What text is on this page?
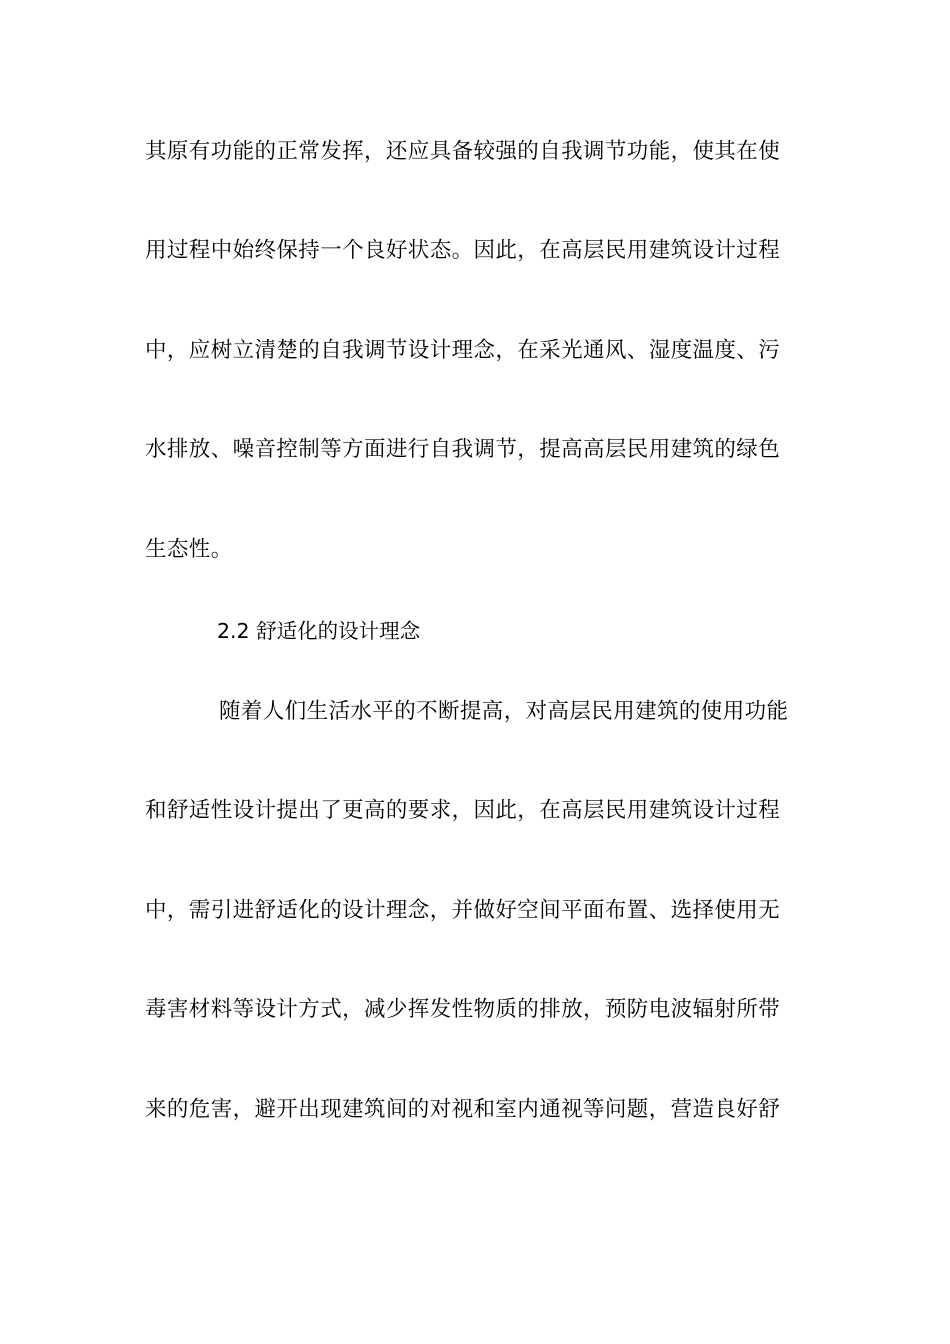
其原有功能的正常发挥，还应具备较强的自我调节功能，使其在使
用过程中始终保持一个良好状态。因此，在高层民用建筑设计过程
中，应树立清楚的自我调节设计理念，在采光通风、湿度温度、污
水排放、噪音控制等方面进行自我调节，提高高层民用建筑的绿色
生态性。
2.2 舒适化的设计理念
随着人们生活水平的不断提高，对高层民用建筑的使用功能
和舒适性设计提出了更高的要求，因此，在高层民用建筑设计过程
中，需引进舒适化的设计理念，并做好空间平面布置、选择使用无
毒害材料等设计方式，减少挥发性物质的排放，预防电波辐射所带
来的危害，避开出现建筑间的对视和室内通视等问题，营造良好舒
